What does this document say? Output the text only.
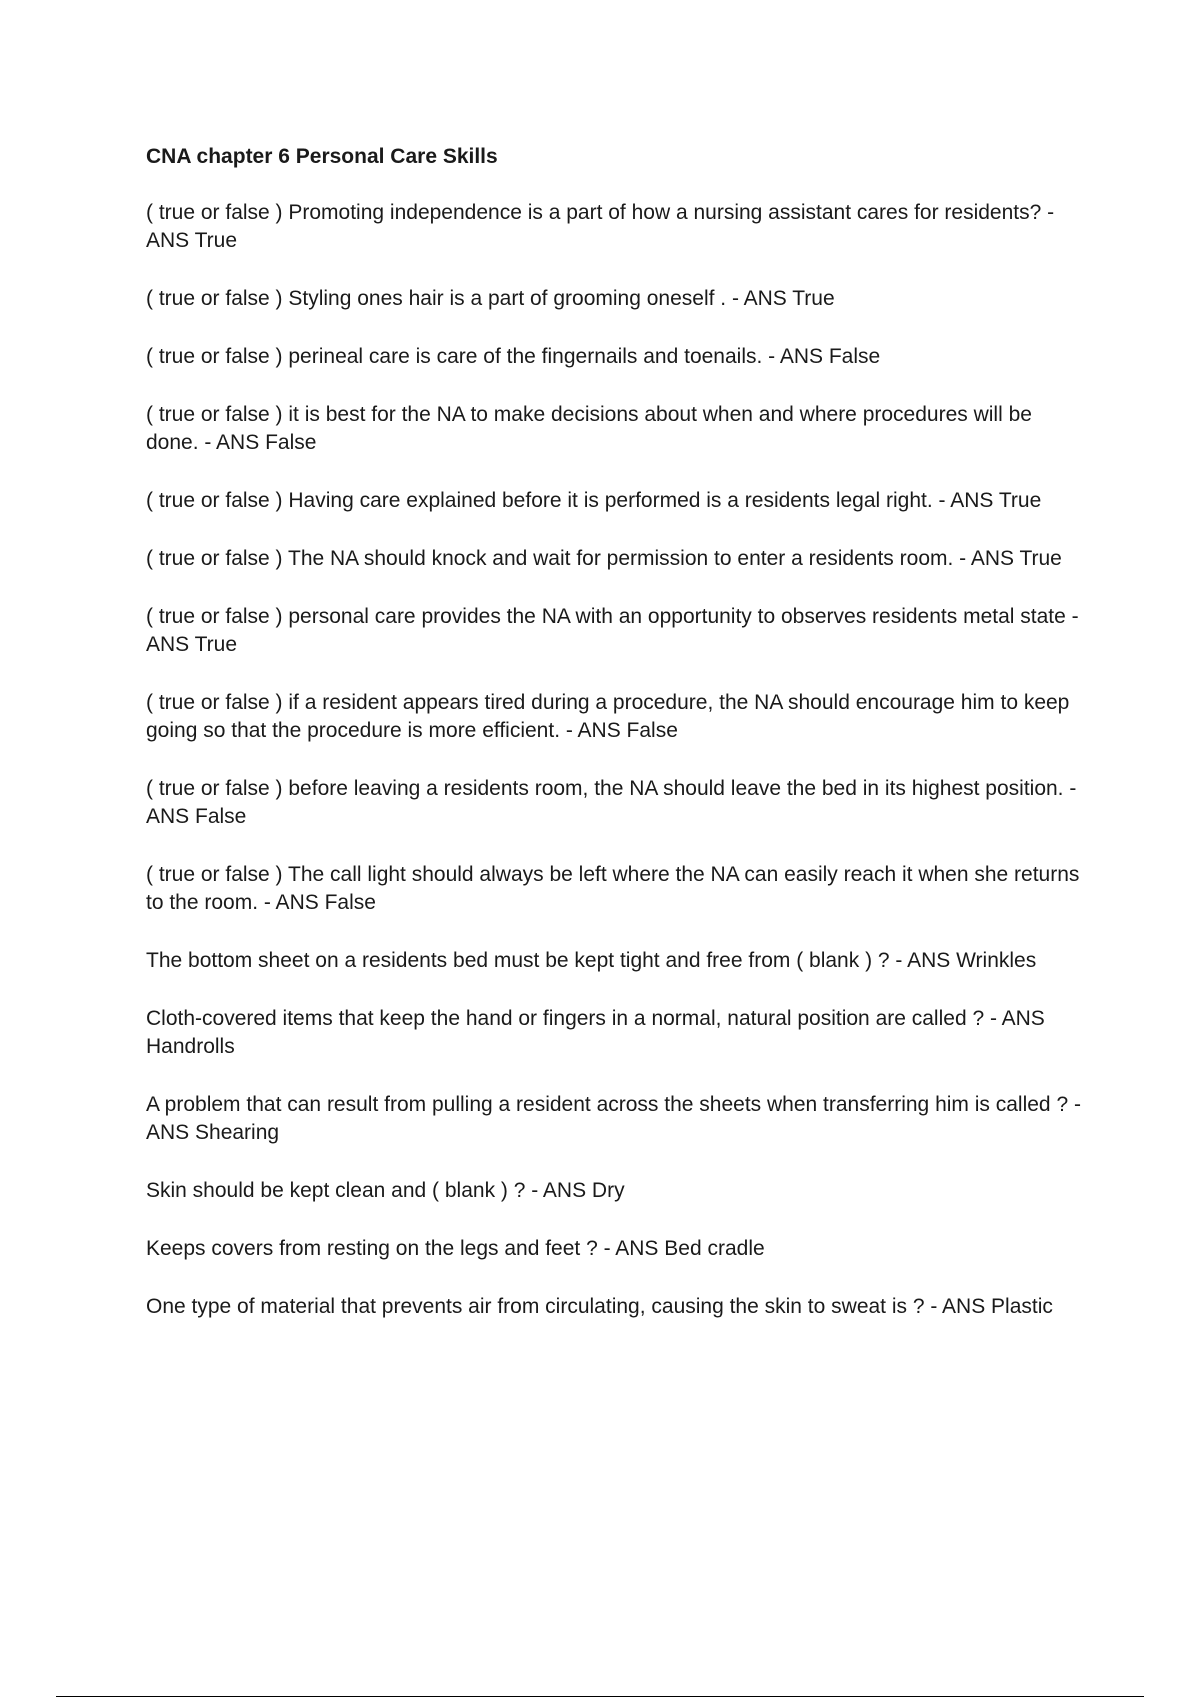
CNA chapter 6 Personal Care Skills
( true or false ) Promoting independence is a part of how a nursing assistant cares for residents? - ANS True
( true or false ) Styling ones hair is a part of grooming oneself . - ANS True
( true or false ) perineal care is care of the fingernails and toenails. - ANS False
( true or false ) it is best for the NA to make decisions about when and where procedures will be done. - ANS False
( true or false ) Having care explained before it is performed is a residents legal right. - ANS True
( true or false ) The NA should knock and wait for permission to enter a residents room. - ANS True
( true or false ) personal care provides the NA with an opportunity to observes residents metal state - ANS True
( true or false ) if a resident appears tired during a procedure, the NA should encourage him to keep going so that the procedure is more efficient. - ANS False
( true or false ) before leaving a residents room, the NA should leave the bed in its highest position. - ANS False
( true or false ) The call light should always be left where the NA can easily reach it when she returns to the room. - ANS False
The bottom sheet on a residents bed must be kept tight and free from ( blank ) ? - ANS Wrinkles
Cloth-covered items that keep the hand or fingers in a normal, natural position are called ? - ANS Handrolls
A problem that can result from pulling a resident across the sheets when transferring him is called ? - ANS Shearing
Skin should be kept clean and ( blank ) ? - ANS Dry
Keeps covers from resting on the legs and feet ? - ANS Bed cradle
One type of material that prevents air from circulating, causing the skin to sweat is ? - ANS Plastic
